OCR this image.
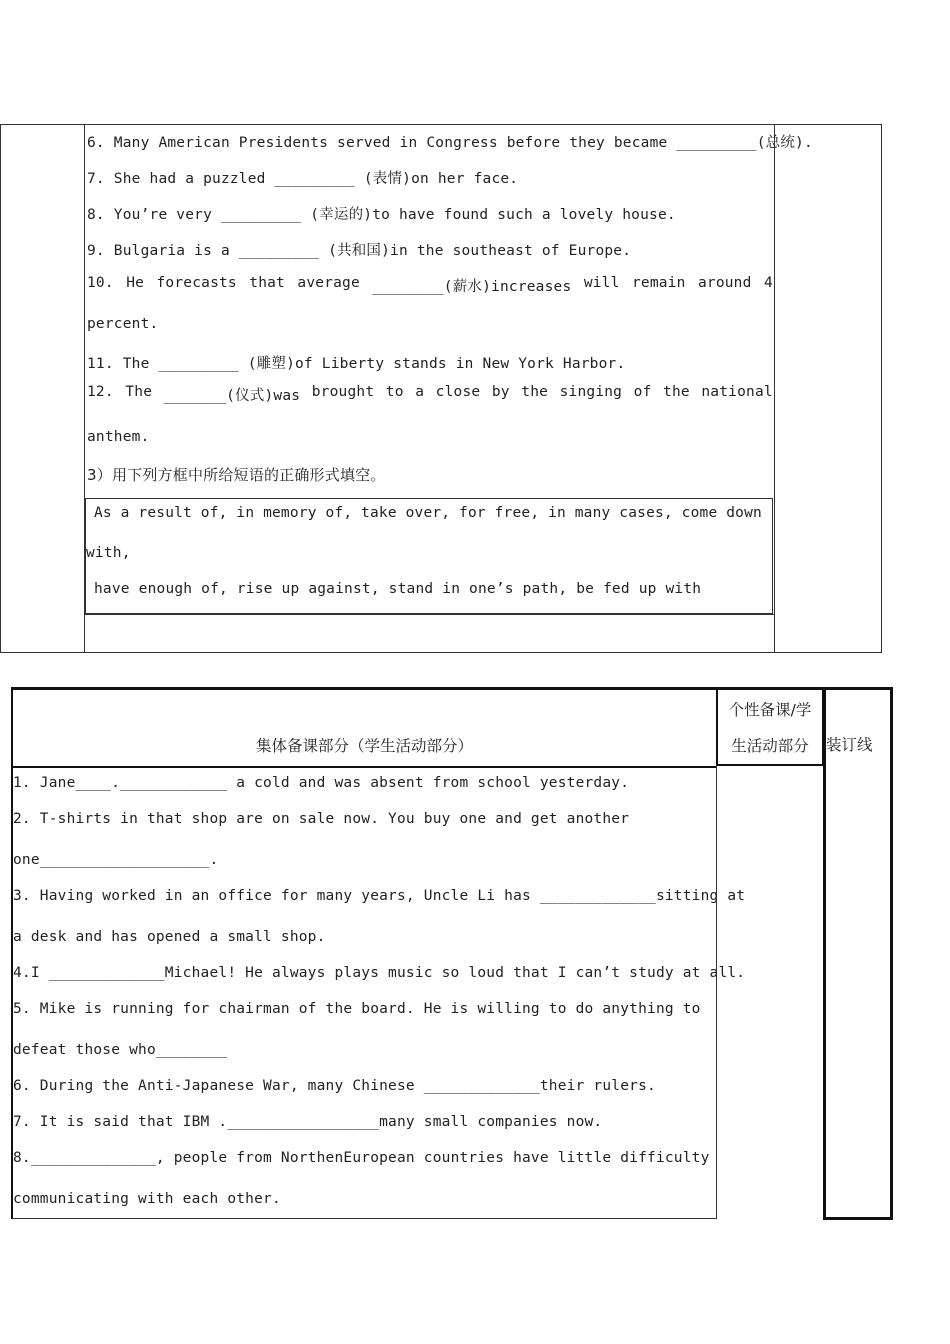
6. Many American Presidents served in Congress before they became _________(总统).
7. She had a puzzled _________ (表情)on her face.
8. You’re very _________ (幸运的)to have found such a lovely house.
9. Bulgaria is a _________ (共和国)in the southeast of Europe.
10. He forecasts that average ________(薪水)increases will remain around 4
percent.
11. The _________ (雕塑)of Liberty stands in New York Harbor.
12. The _______(仪式)was brought to a close by the singing of the national
anthem.
3）用下列方框中所给短语的正确形式填空。
As a result of, in memory of, take over, for free, in many cases, come down
with,
have enough of, rise up against, stand in one’s path, be fed up with
集体备课部分（学生活动部分）
1. Jane____.____________ a cold and was absent from school yesterday.
2. T-shirts in that shop are on sale now. You buy one and get another
one___________________.
3. Having worked in an office for many years, Uncle Li has _____________sitting at
a desk and has opened a small shop.
4.I _____________Michael! He always plays music so loud that I can’t study at all.
5. Mike is running for chairman of the board. He is willing to do anything to
defeat those who________
6. During the Anti-Japanese War, many Chinese _____________their rulers.
7. It is said that IBM ._________________many small companies now.
8.______________, people from Northen European countries have little difficulty
communicating with each other.
个性备课/学
生活动部分	装订线
